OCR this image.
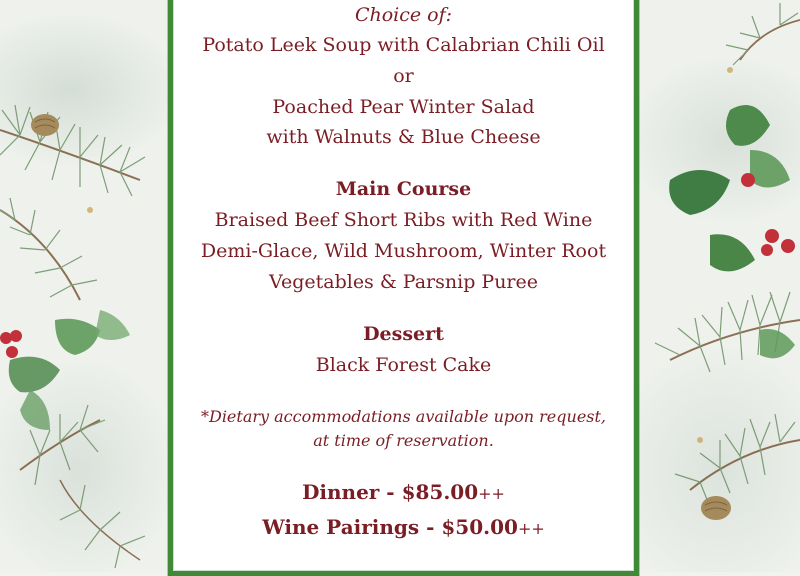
Choice of:
Potato Leek Soup with Calabrian Chili Oil
or
Poached Pear Winter Salad
with Walnuts & Blue Cheese
Main Course
Braised Beef Short Ribs with Red Wine
Demi-Glace, Wild Mushroom, Winter Root
Vegetables & Parsnip Puree
Dessert
Black Forest Cake
*Dietary accommodations available upon request,
at time of reservation.
Dinner - $85.00++
Wine Pairings - $50.00++
